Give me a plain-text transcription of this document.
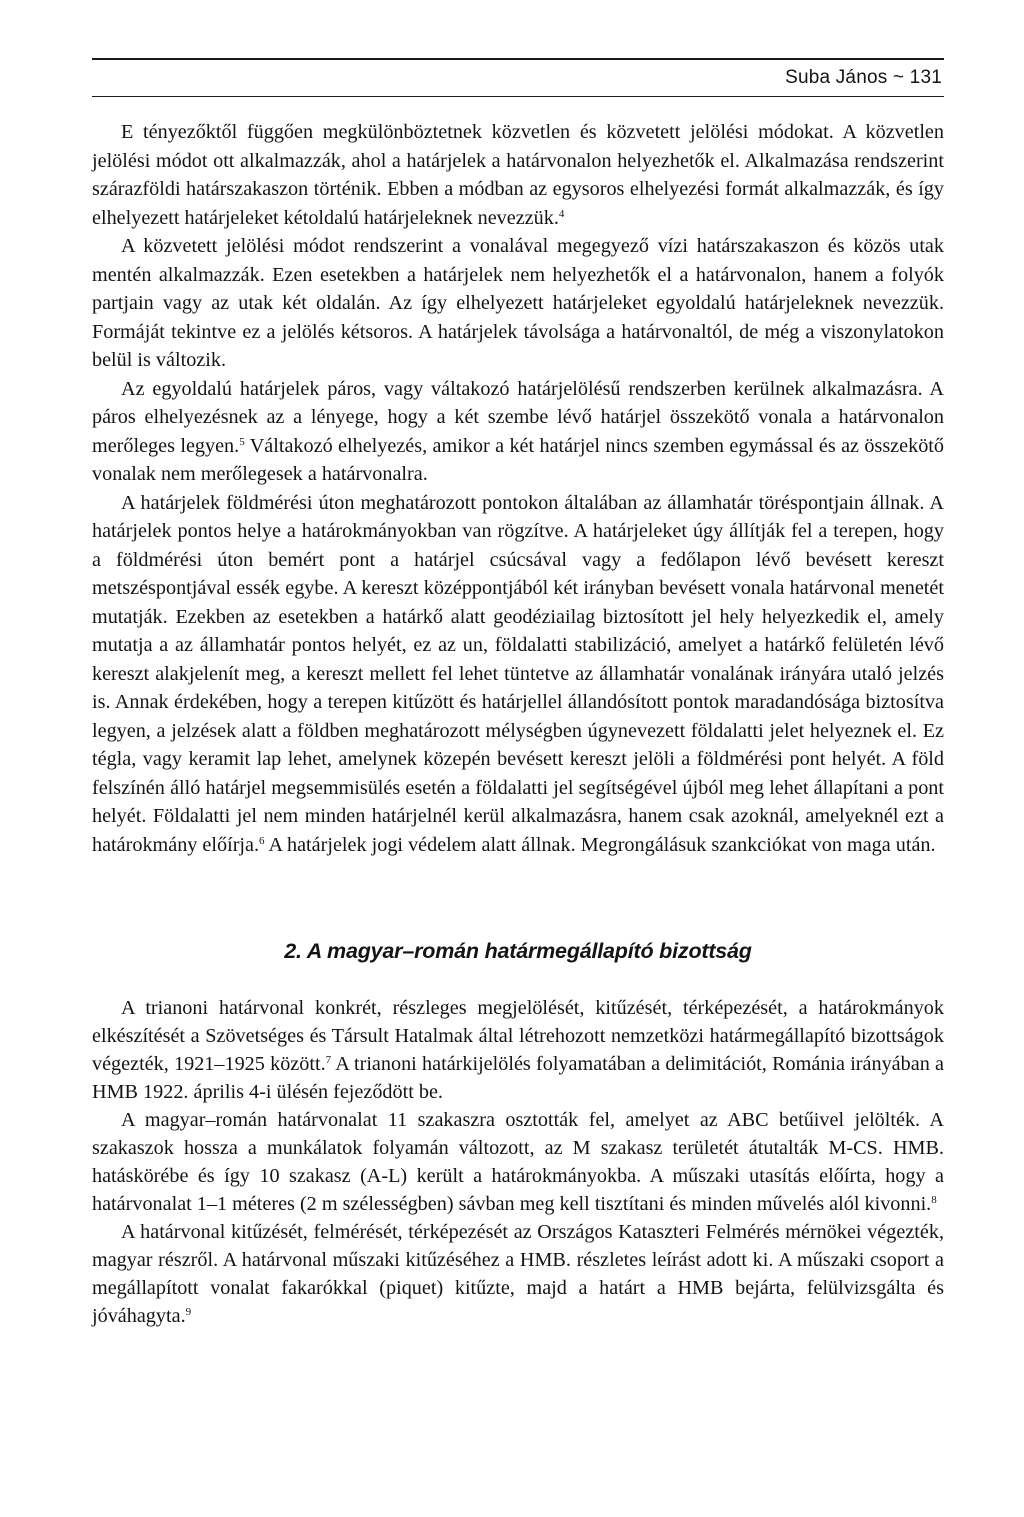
Suba János ~ 131

E tényezőktől függően megkülönböztetnek közvetlen és közvetett jelölési módokat. A közvetlen jelölési módot ott alkalmazzák, ahol a határjelek a határvonalon helyezhetők el. Alkalmazása rendszerint szárazföldi határszakaszon történik. Ebben a módban az egysoros elhelyezési formát alkalmazzák, és így elhelyezett határjeleket kétoldalú határjeleknek nevezzük.$^4$

A közvetett jelölési módot rendszerint a vonalával megegyező vízi határszakaszon és közös utak mentén alkalmazzák. Ezen esetekben a határjelek nem helyezhetők el a határvonalon, hanem a folyók partjain vagy az utak két oldalán. Az így elhelyezett határjeleket egyoldalú határjeleknek nevezzük. Formáját tekintve ez a jelölés kétsoros. A határjelek távolsága a határvonaltól, de még a viszonylatokon belül is változik.

Az egyoldalú határjelek páros, vagy váltakozó határjelölésű rendszerben kerülnek alkalmazásra. A páros elhelyezésnek az a lényege, hogy a két szembe lévő határjel összekötő vonala a határvonalon merőleges legyen.$^5$ Váltakozó elhelyezés, amikor a két határjel nincs szemben egymással és az összekötő vonalak nem merőlegesek a határvonalra.

A határjelek földmérési úton meghatározott pontokon általában az államhatár töréspontjain állnak. A határjelek pontos helye a határokmányokban van rögzítve. A határjeleket úgy állítják fel a terepen, hogy a földmérési úton bemért pont a határjel csúcsával vagy a fedőlapon lévő bevésett kereszt metszéspontjával essék egybe. A kereszt középpontjából két irányban bevésett vonala határvonal menetét mutatják. Ezekben az esetekben a határkő alatt geodéziailag biztosított jel hely helyezkedik el, amely mutatja a az államhatár pontos helyét, ez az un, földalatti stabilizáció, amelyet a határkő felületén lévő kereszt alakjelenít meg, a kereszt mellett fel lehet tüntetve az államhatár vonalának irányára utaló jelzés is. Annak érdekében, hogy a terepen kitűzött és határjellel állandósított pontok maradandósága biztosítva legyen, a jelzések alatt a földben meghatározott mélységben úgynevezett földalatti jelet helyeznek el. Ez tégla, vagy keramit lap lehet, amelynek közepén bevésett kereszt jelöli a földmérési pont helyét. A föld felszínén álló határjel megsemmisülés esetén a földalatti jel segítségével újból meg lehet állapítani a pont helyét. Földalatti jel nem minden határjelnél kerül alkalmazásra, hanem csak azoknál, amelyeknél ezt a határokmány előírja.$^6$ A határjelek jogi védelem alatt állnak. Megrongálásuk szankciókat von maga után.

2. A magyar–román határmegállapító bizottság

A trianoni határvonal konkrét, részleges megjelölését, kitűzését, térképezését, a határokmányok elkészítését a Szövetséges és Társult Hatalmak által létrehozott nemzetközi határmegállapító bizottságok végezték, 1921–1925 között.$^7$ A trianoni határkijelölés folyamatában a delimitációt, Románia irányában a HMB 1922. április 4-i ülésén fejeződött be.

A magyar–román határvonalat 11 szakaszra osztották fel, amelyet az ABC betűivel jelölték. A szakaszok hossza a munkálatok folyamán változott, az M szakasz területét átutalták M-CS. HMB. hatáskörébe és így 10 szakasz (A-L) került a határokmányokba. A műszaki utasítás előírta, hogy a határvonalat 1–1 méteres (2 m szélességben) sávban meg kell tisztítani és minden művelés alól kivonni.$^8$

A határvonal kitűzését, felmérését, térképezését az Országos Kataszteri Felmérés mérnökei végezték, magyar részről. A határvonal műszaki kitűzéséhez a HMB. részletes leírást adott ki. A műszaki csoport a megállapított vonalat fakarókkal (piquet) kitűzte, majd a határt a HMB bejárta, felülvizsgálta és jóváhagyta.$^9$
